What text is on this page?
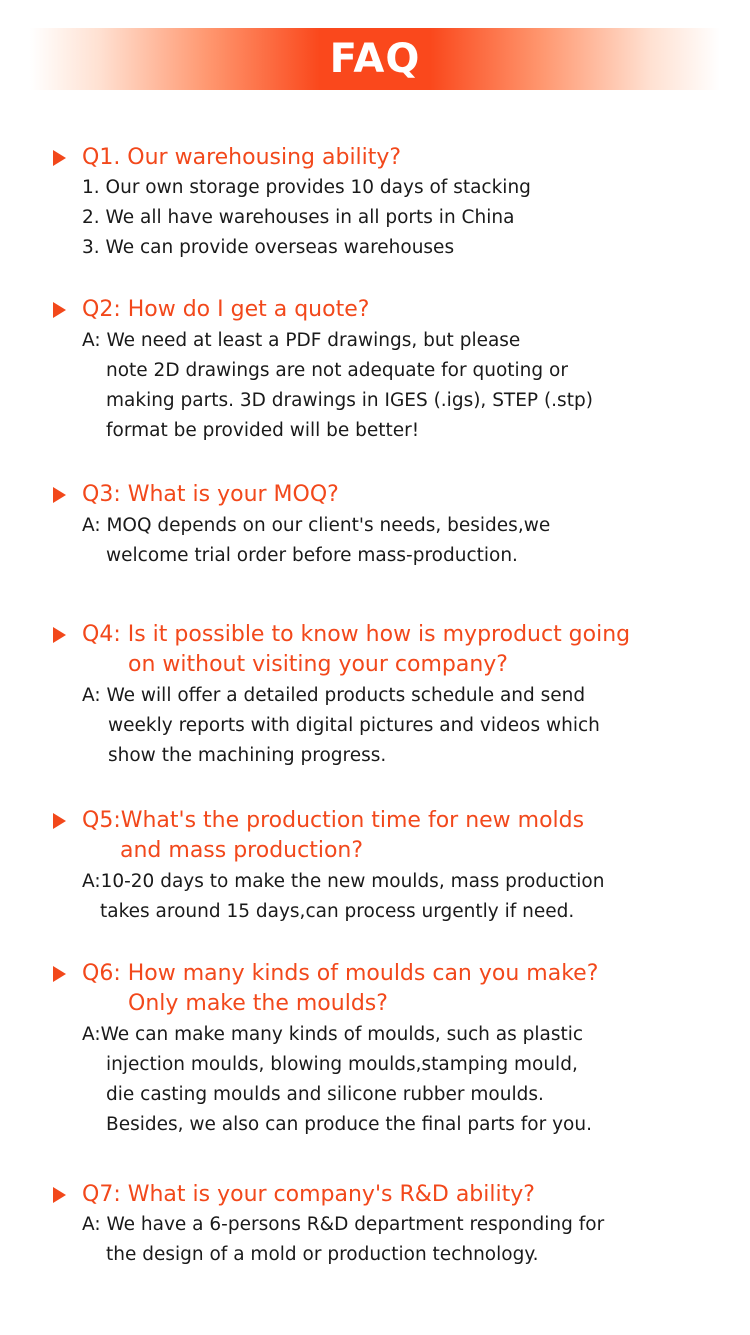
FAQ
Q1. Our warehousing ability?
1. Our own storage provides 10 days of stacking
2. We all have warehouses in all ports in China
3. We can provide overseas warehouses
Q2: How do I get a quote?
A: We need at least a PDF drawings, but please
note 2D drawings are not adequate for quoting or
making parts. 3D drawings in IGES (.igs), STEP (.stp)
format be provided will be better!
Q3: What is your MOQ?
A: MOQ depends on our client's needs, besides,we
welcome trial order before mass-production.
Q4: Is it possible to know how is myproduct going
on without visiting your company?
A: We will offer a detailed products schedule and send
weekly reports with digital pictures and videos which
show the machining progress.
Q5:What's the production time for new molds
and mass production?
A:10-20 days to make the new moulds, mass production
takes around 15 days,can process urgently if need.
Q6: How many kinds of moulds can you make?
Only make the moulds?
A:We can make many kinds of moulds, such as plastic
injection moulds, blowing moulds,stamping mould,
die casting moulds and silicone rubber moulds.
Besides, we also can produce the final parts for you.
Q7: What is your company's R&D ability?
A: We have a 6-persons R&D department responding for
the design of a mold or production technology.
